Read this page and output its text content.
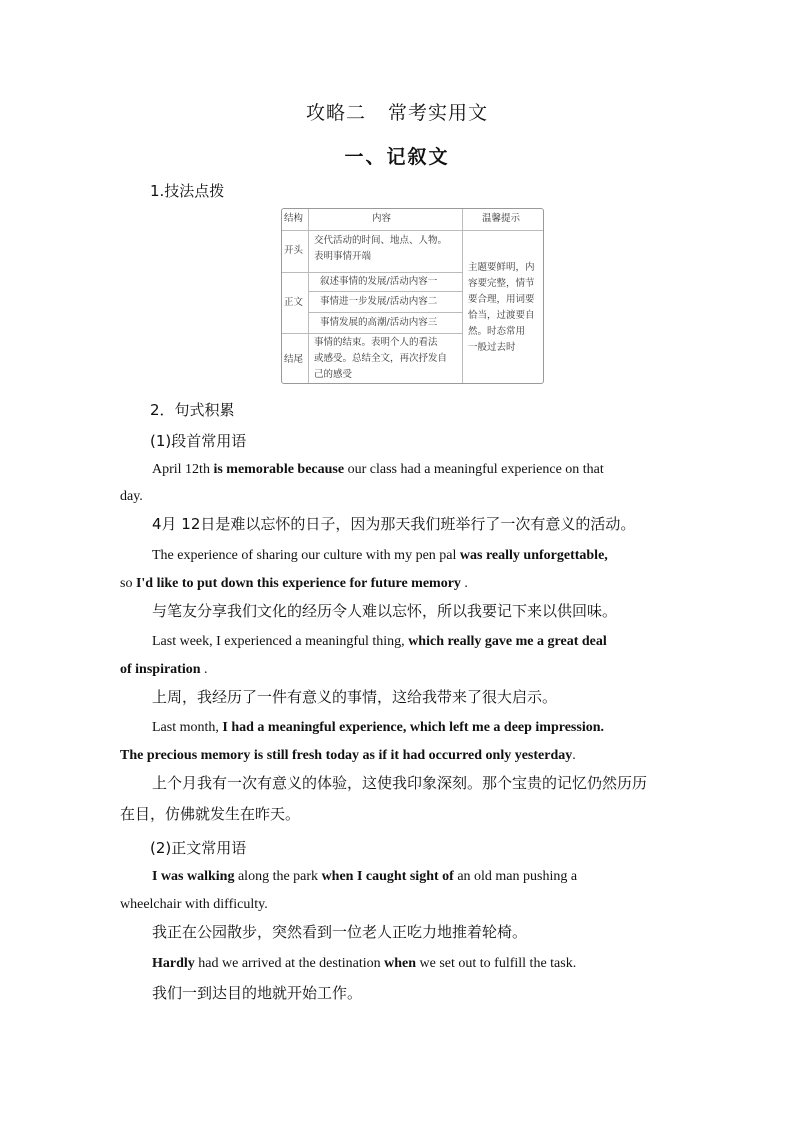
攻略二 常考实用文
一、记叙文
1.技法点拨
结构	内容	温馨提示
开头
交代活动的时间、地点、人物。
表明事情开端
正文
叙述事情的发展/活动内容一
事情进一步发展/活动内容二
事情发展的高潮/活动内容三
结尾
事情的结束。表明个人的看法
或感受。总结全文，再次抒发自
己的感受
主题要鲜明，内
容要完整，情节
要合理，用词要
恰当，过渡要自
然。时态常用
一般过去时
2．句式积累
(1)段首常用语
April 12th is memorable because our class had a meaningful experience on that
day.
4月 12日是难以忘怀的日子，因为那天我们班举行了一次有意义的活动。
The experience of sharing our culture with my pen pal was really unforgettable,
so I'd like to put down this experience for future memory .
与笔友分享我们文化的经历令人难以忘怀，所以我要记下来以供回味。
Last week, I experienced a meaningful thing, which really gave me a great deal
of inspiration .
上周，我经历了一件有意义的事情，这给我带来了很大启示。
Last month, I had a meaningful experience, which left me a deep impression.
The precious memory is still fresh today as if it had occurred only yesterday.
上个月我有一次有意义的体验，这使我印象深刻。那个宝贵的记忆仍然历历
在目，仿佛就发生在昨天。
(2)正文常用语
I was walking along the park when I caught sight of an old man pushing a
wheelchair with difficulty.
我正在公园散步，突然看到一位老人正吃力地推着轮椅。
Hardly had we arrived at the destination when we set out to fulfill the task.
我们一到达目的地就开始工作。
